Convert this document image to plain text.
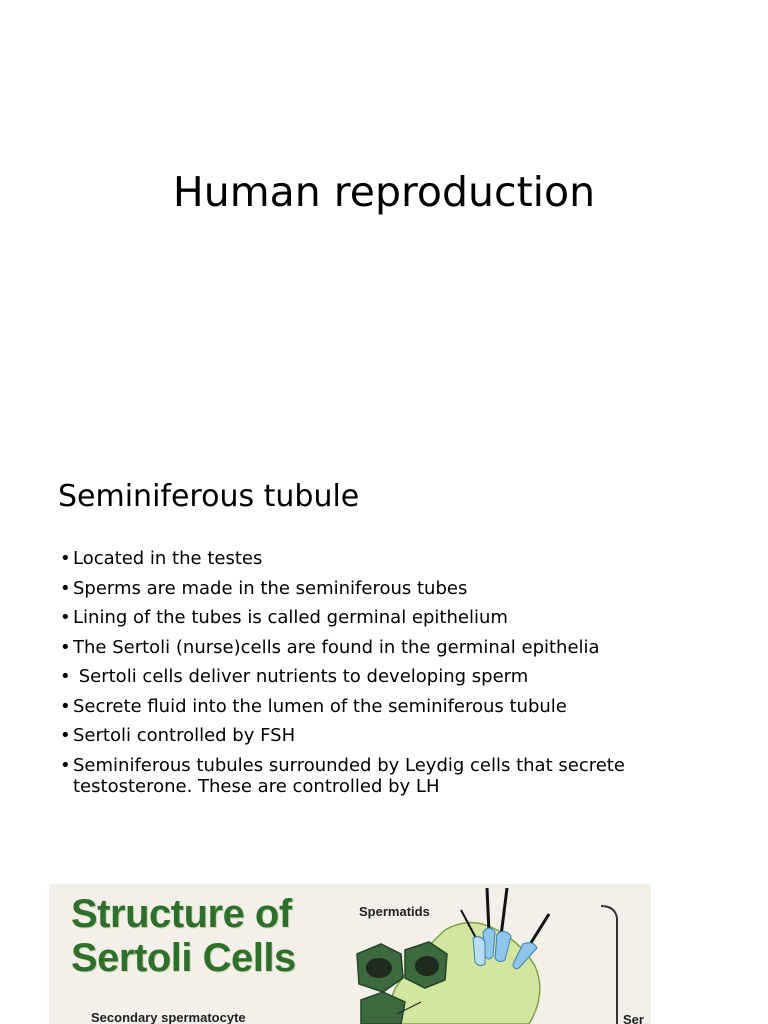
Human reproduction
Seminiferous tubule
• Located in the testes
• Sperms are made in the seminiferous tubes
• Lining of the tubes is called germinal epithelium
• The Sertoli (nurse)cells are found in the germinal epithelia
• Sertoli cells deliver nutrients to developing sperm
• Secrete fluid into the lumen of the seminiferous tubule
• Sertoli controlled by FSH
• Seminiferous tubules surrounded by Leydig cells that secrete testosterone. These are controlled by LH
Structure of
Sertoli Cells
Spermatids
Secondary spermatocyte	Ser
